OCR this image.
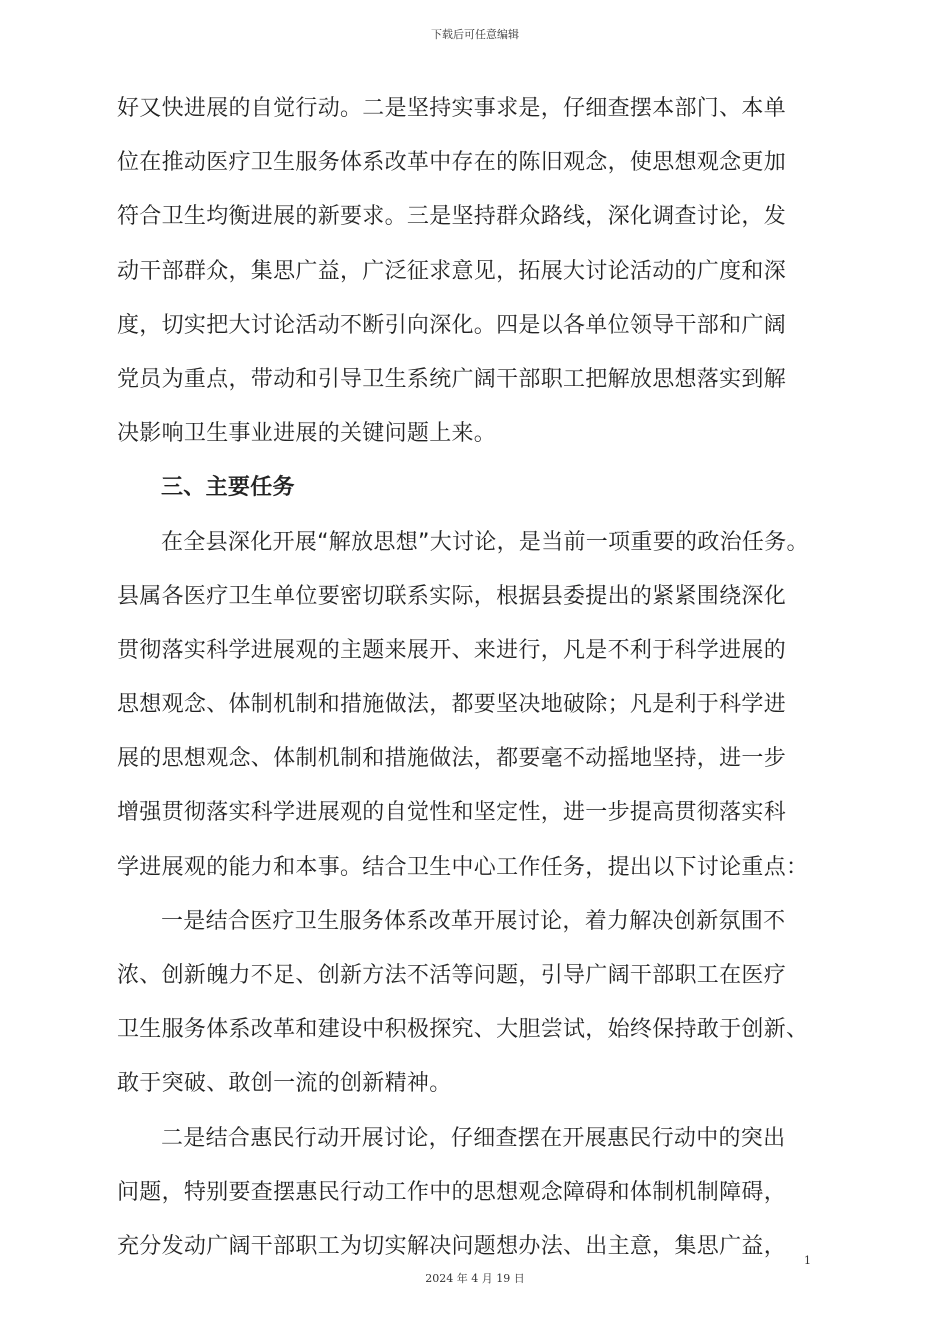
下载后可任意编辑
好又快进展的自觉行动。二是坚持实事求是，仔细查摆本部门、本单
位在推动医疗卫生服务体系改革中存在的陈旧观念，使思想观念更加
符合卫生均衡进展的新要求。三是坚持群众路线，深化调查讨论，发
动干部群众，集思广益，广泛征求意见，拓展大讨论活动的广度和深
度，切实把大讨论活动不断引向深化。四是以各单位领导干部和广阔
党员为重点，带动和引导卫生系统广阔干部职工把解放思想落实到解
决影响卫生事业进展的关键问题上来。
三、主要任务
在全县深化开展“解放思想”大讨论，是当前一项重要的政治任务。
县属各医疗卫生单位要密切联系实际，根据县委提出的紧紧围绕深化
贯彻落实科学进展观的主题来展开、来进行，凡是不利于科学进展的
思想观念、体制机制和措施做法，都要坚决地破除；凡是利于科学进
展的思想观念、体制机制和措施做法，都要毫不动摇地坚持，进一步
增强贯彻落实科学进展观的自觉性和坚定性，进一步提高贯彻落实科
学进展观的能力和本事。结合卫生中心工作任务，提出以下讨论重点：
一是结合医疗卫生服务体系改革开展讨论，着力解决创新氛围不
浓、创新魄力不足、创新方法不活等问题，引导广阔干部职工在医疗
卫生服务体系改革和建设中积极探究、大胆尝试，始终保持敢于创新、
敢于突破、敢创一流的创新精神。
二是结合惠民行动开展讨论，仔细查摆在开展惠民行动中的突出
问题，特别要查摆惠民行动工作中的思想观念障碍和体制机制障碍，
充分发动广阔干部职工为切实解决问题想办法、出主意，集思广益，
1
2024 年 4 月 19 日
